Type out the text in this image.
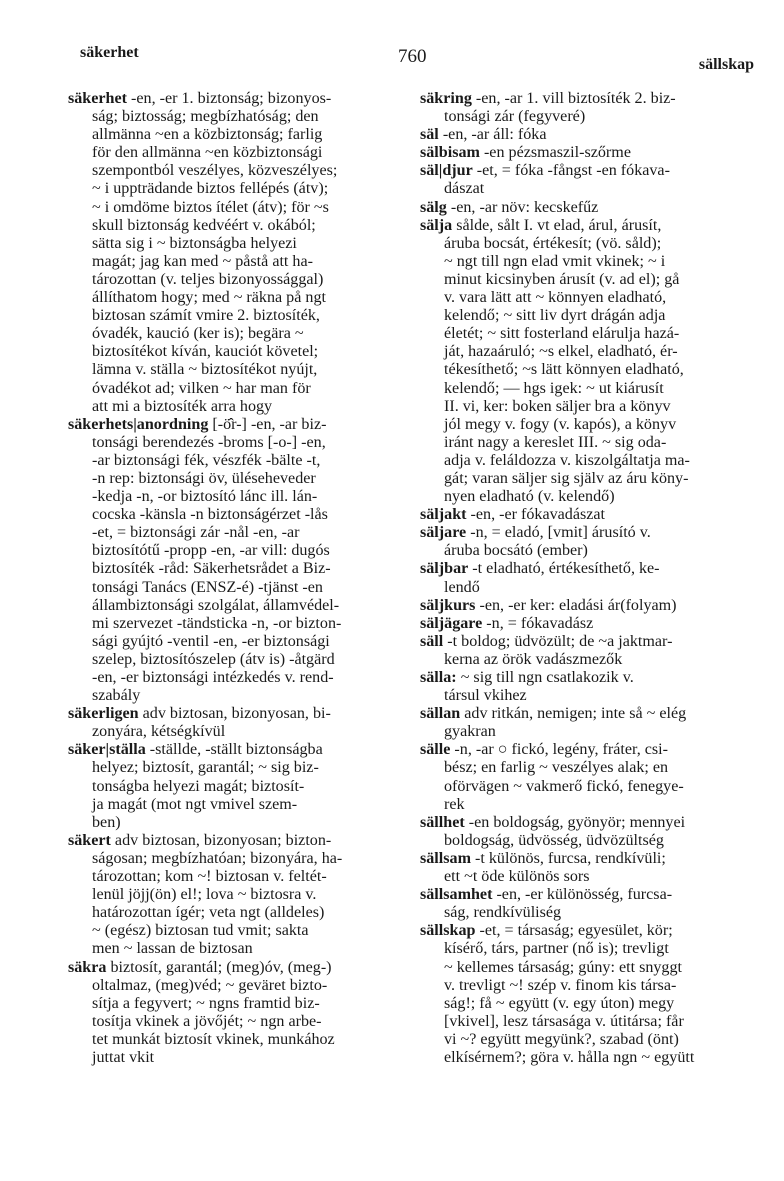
säkerhet	760	sällskap
säkerhet -en, -er 1. biztonság; bizonyos-
ság; biztosság; megbízhatóság; den
allmänna ~en a közbiztonság; farlig
för den allmänna ~en közbiztonsági
szempontból veszélyes, közveszélyes;
~ i uppträdande biztos fellépés (átv);
~ i omdöme biztos ítélet (átv); för ~s
skull biztonság kedvéért v. okából;
sätta sig i ~ biztonságba helyezi
magát; jag kan med ~ påstå att ha-
tározottan (v. teljes bizonyossággal)
állíthatom hogy; med ~ räkna på ngt
biztosan számít vmire 2. biztosíték,
óvadék, kaució (ker is); begära ~
biztosítékot kíván, kauciót követel;
lämna v. ställa ~ biztosítékot nyújt,
óvadékot ad; vilken ~ har man för
att mi a biztosíték arra hogy
säkerhets|anordning [-ö̂r-] -en, -ar biz-
tonsági berendezés -broms [-o-] -en,
-ar biztonsági fék, vészfék -bälte -t,
-n rep: biztonsági öv, üléseheveder
-kedja -n, -or biztosító lánc ill. lán-
cocska -känsla -n biztonságérzet -lås
-et, = biztonsági zár -nål -en, -ar
biztosítótű -propp -en, -ar vill: dugós
biztosíték -råd: Säkerhetsrådet a Biz-
tonsági Tanács (ENSZ-é) -tjänst -en
állambiztonsági szolgálat, államvédel-
mi szervezet -tändsticka -n, -or bizton-
sági gyújtó -ventil -en, -er biztonsági
szelep, biztosítószelep (átv is) -åtgärd
-en, -er biztonsági intézkedés v. rend-
szabály
säkerligen adv biztosan, bizonyosan, bi-
zonyára, kétségkívül
säker|ställa -ställde, -ställt biztonságba
helyez; biztosít, garantál; ~ sig biz-
tonságba helyezi magát; biztosít-
ja magát (mot ngt vmivel szem-
ben)
säkert adv biztosan, bizonyosan; bizton-
ságosan; megbízhatóan; bizonyára, ha-
tározottan; kom ~! biztosan v. feltét-
lenül jöjj(ön) el!; lova ~ biztosra v.
határozottan ígér; veta ngt (alldeles)
~ (egész) biztosan tud vmit; sakta
men ~ lassan de biztosan
säkra biztosít, garantál; (meg)óv, (meg-)
oltalmaz, (meg)véd; ~ geväret bizto-
sítja a fegyvert; ~ ngns framtid biz-
tosítja vkinek a jövőjét; ~ ngn arbe-
tet munkát biztosít vkinek, munkához
juttat vkit
säkring -en, -ar 1. vill biztosíték 2. biz-
tonsági zár (fegyveré)
säl -en, -ar áll: fóka
sälbisam -en pézsmaszil-szőrme
säl|djur -et, = fóka -fångst -en fókava-
dászat
sälg -en, -ar növ: kecskefűz
sälja sålde, sålt I. vt elad, árul, árusít,
áruba bocsát, értékesít; (vö. såld);
~ ngt till ngn elad vmit vkinek; ~ i
minut kicsinyben árusít (v. ad el); gå
v. vara lätt att ~ könnyen eladható,
kelendő; ~ sitt liv dyrt drágán adja
életét; ~ sitt fosterland elárulja hazá-
ját, hazaáruló; ~s elkel, eladható, ér-
tékesíthető; ~s lätt könnyen eladható,
kelendő; — hgs igek: ~ ut kiárusít
II. vi, ker: boken säljer bra a könyv
jól megy v. fogy (v. kapós), a könyv
iránt nagy a kereslet III. ~ sig oda-
adja v. feláldozza v. kiszolgáltatja ma-
gát; varan säljer sig själv az áru köny-
nyen eladható (v. kelendő)
säljakt -en, -er fókavadászat
säljare -n, = eladó, [vmit] árusító v.
áruba bocsátó (ember)
säljbar -t eladható, értékesíthető, ke-
lendő
säljkurs -en, -er ker: eladási ár(folyam)
säljägare -n, = fókavadász
säll -t boldog; üdvözült; de ~a jaktmar-
kerna az örök vadászmezők
sälla: ~ sig till ngn csatlakozik v.
társul vkihez
sällan adv ritkán, nemigen; inte så ~ elég
gyakran
sälle -n, -ar ○ fickó, legény, fráter, csi-
bész; en farlig ~ veszélyes alak; en
oförvägen ~ vakmerő fickó, fenegye-
rek
sällhet -en boldogság, gyönyör; mennyei
boldogság, üdvösség, üdvözültség
sällsam -t különös, furcsa, rendkívüli;
ett ~t öde különös sors
sällsamhet -en, -er különösség, furcsa-
ság, rendkívüliség
sällskap -et, = társaság; egyesület, kör;
kísérő, társ, partner (nő is); trevligt
~ kellemes társaság; gúny: ett snyggt
v. trevligt ~! szép v. finom kis társa-
ság!; få ~ együtt (v. egy úton) megy
[vkivel], lesz társasága v. útitársa; får
vi ~? együtt megyünk?, szabad (önt)
elkísérnem?; göra v. hålla ngn ~ együtt
